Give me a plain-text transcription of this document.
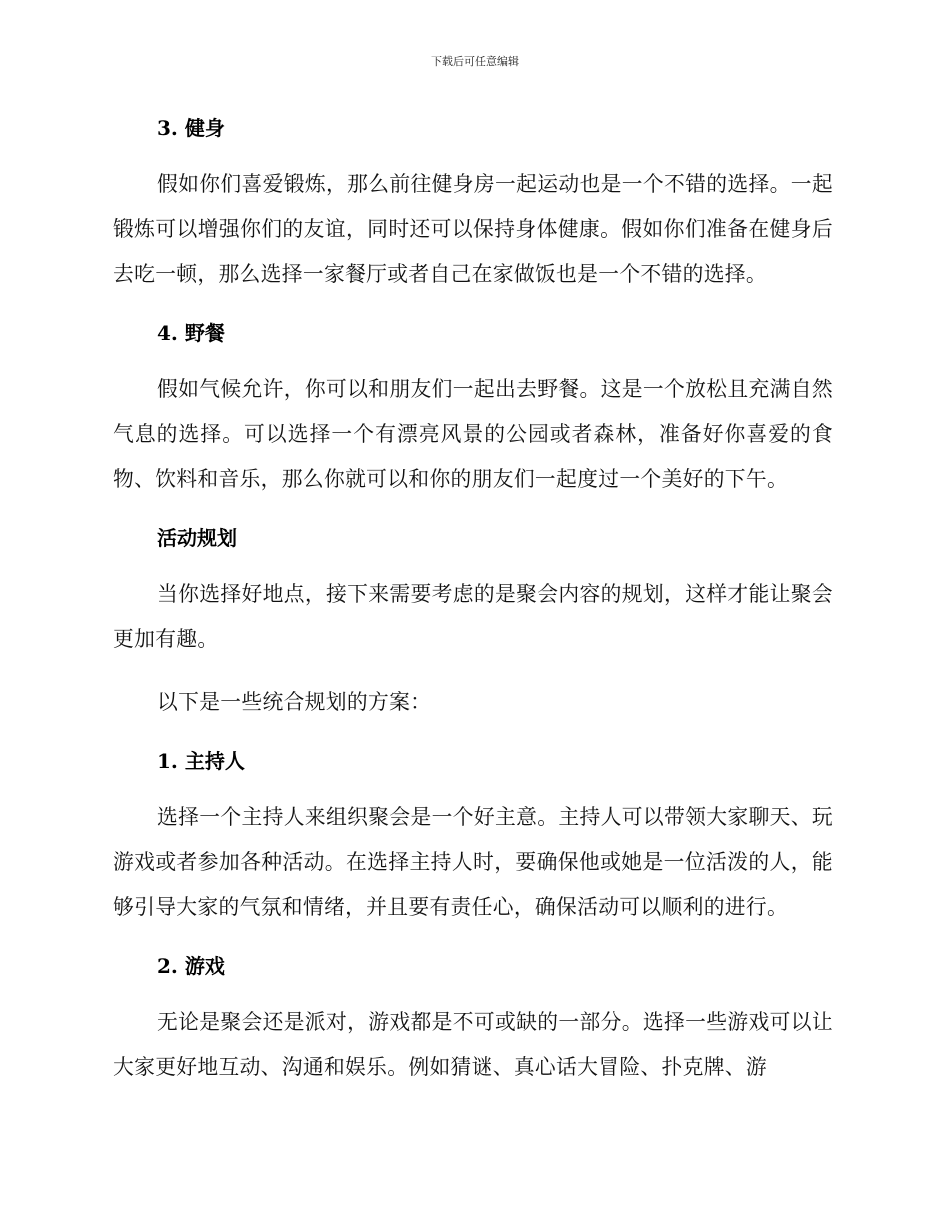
下载后可任意编辑
3. 健身

假如你们喜爱锻炼，那么前往健身房一起运动也是一个不错的选择。一起锻炼可以增强你们的友谊，同时还可以保持身体健康。假如你们准备在健身后去吃一顿，那么选择一家餐厅或者自己在家做饭也是一个不错的选择。

4. 野餐

假如气候允许，你可以和朋友们一起出去野餐。这是一个放松且充满自然气息的选择。可以选择一个有漂亮风景的公园或者森林，准备好你喜爱的食物、饮料和音乐，那么你就可以和你的朋友们一起度过一个美好的下午。

活动规划

当你选择好地点，接下来需要考虑的是聚会内容的规划，这样才能让聚会更加有趣。

以下是一些统合规划的方案：

1. 主持人

选择一个主持人来组织聚会是一个好主意。主持人可以带领大家聊天、玩游戏或者参加各种活动。在选择主持人时，要确保他或她是一位活泼的人，能够引导大家的气氛和情绪，并且要有责任心，确保活动可以顺利的进行。

2. 游戏

无论是聚会还是派对，游戏都是不可或缺的一部分。选择一些游戏可以让大家更好地互动、沟通和娱乐。例如猜谜、真心话大冒险、扑克牌、游
